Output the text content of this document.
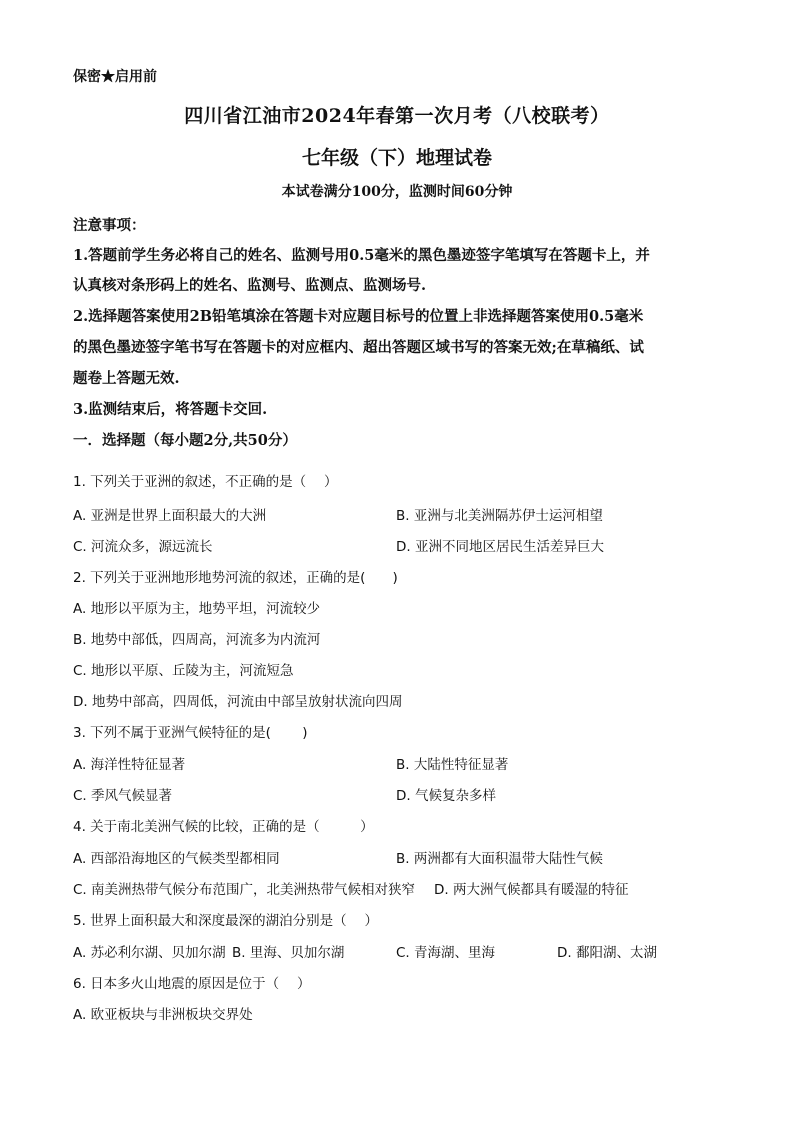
保密★启用前
四川省江油市2024年春第一次月考（八校联考）
七年级（下）地理试卷
本试卷满分100分，监测时间60分钟
注意事项：
1.答题前学生务必将自己的姓名、监测号用0.5毫米的黑色墨迹签字笔填写在答题卡上，并
认真核对条形码上的姓名、监测号、监测点、监测场号.
2.选择题答案使用2B铅笔填涂在答题卡对应题目标号的位置上非选择题答案使用0.5毫米
的黑色墨迹签字笔书写在答题卡的对应框内、超出答题区域书写的答案无效;在草稿纸、试
题卷上答题无效.
3.监测结束后，将答题卡交回.
一．选择题（每小题2分,共50分）
1. 下列关于亚洲的叙述，不正确的是（　 ）
A. 亚洲是世界上面积最大的大洲	B. 亚洲与北美洲隔苏伊士运河相望
C. 河流众多，源远流长	D. 亚洲不同地区居民生活差异巨大
2. 下列关于亚洲地形地势河流的叙述，正确的是(　　)
A. 地形以平原为主，地势平坦，河流较少
B. 地势中部低，四周高，河流多为内流河
C. 地形以平原、丘陵为主，河流短急
D. 地势中部高，四周低，河流由中部呈放射状流向四周
3. 下列不属于亚洲气候特征的是(　　 )
A. 海洋性特征显著	B. 大陆性特征显著
C. 季风气候显著	D. 气候复杂多样
4. 关于南北美洲气候的比较，正确的是（　　　）
A. 西部沿海地区的气候类型都相同	B. 两洲都有大面积温带大陆性气候
C. 南美洲热带气候分布范围广，北美洲热带气候相对狭窄 D. 两大洲气候都具有暖湿的特征
5. 世界上面积最大和深度最深的湖泊分别是（　 ）
A. 苏必利尔湖、贝加尔湖 B. 里海、贝加尔湖	C. 青海湖、里海	D. 鄱阳湖、太湖
6. 日本多火山地震的原因是位于（　 ）
A. 欧亚板块与非洲板块交界处
